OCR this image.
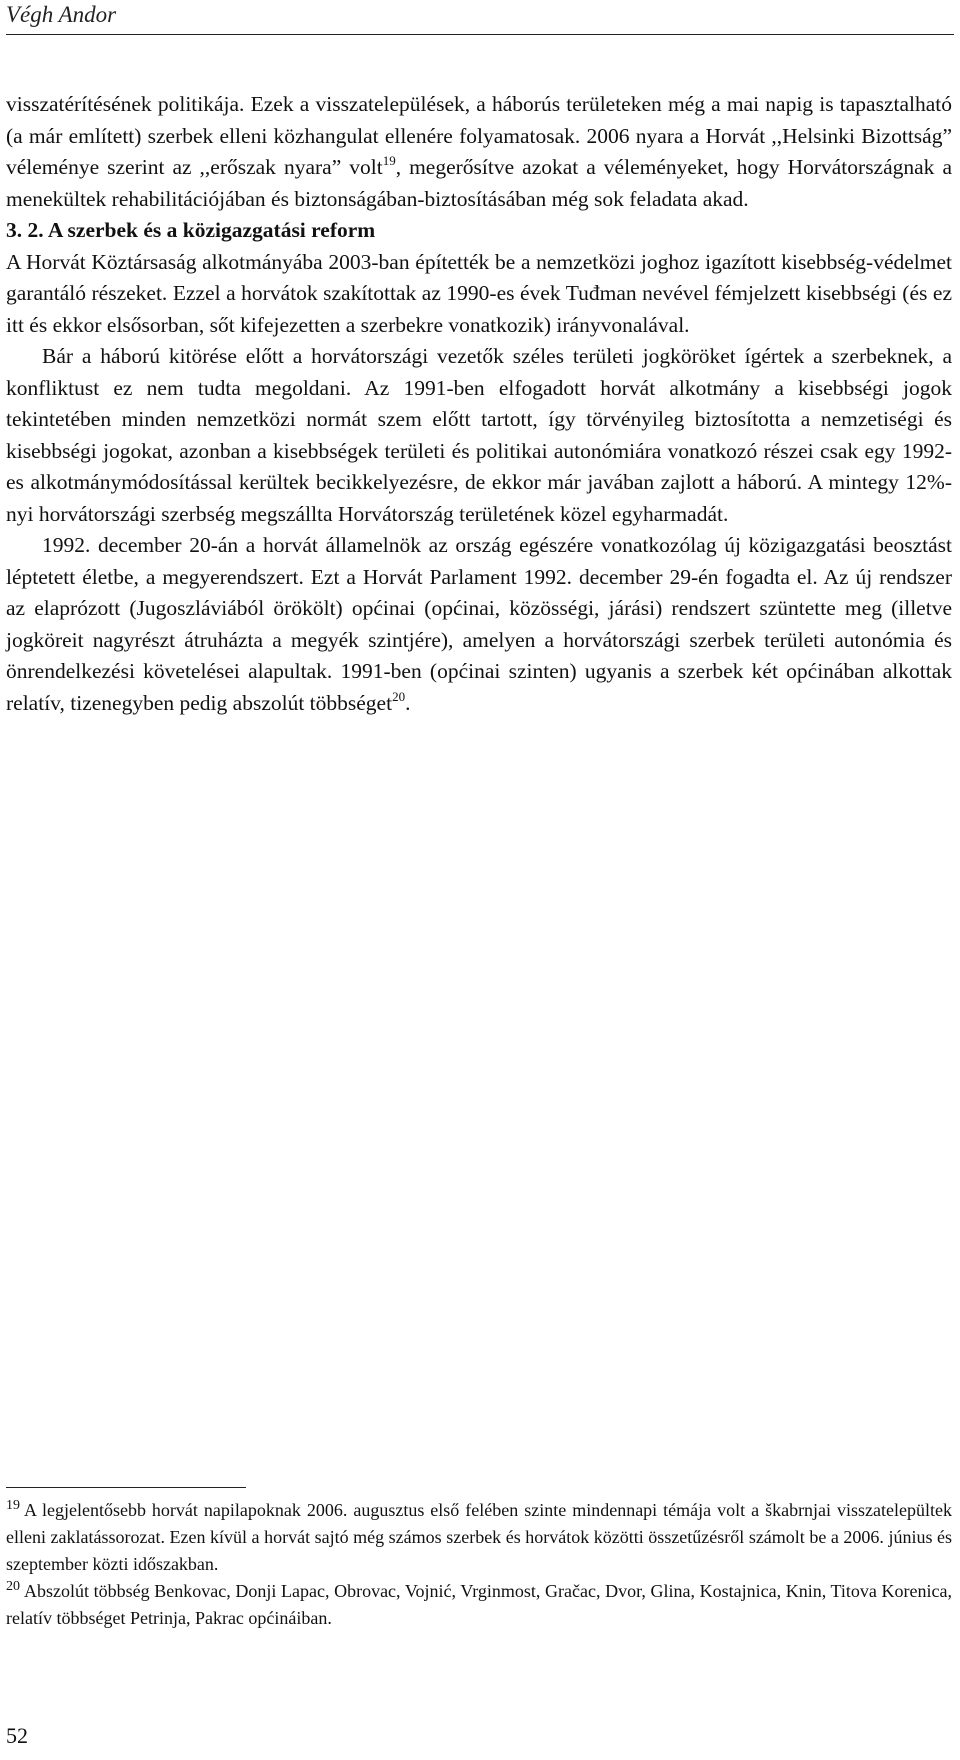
Végh Andor

visszatérítésének politikája. Ezek a visszatelepülések, a háborús területeken még a mai napig is tapasztalható (a már említett) szerbek elleni közhangulat ellenére folyamatosak. 2006 nyara a Horvát ,,Helsinki Bizottság” véleménye szerint az ,,erőszak nyara” volt$^{19}$, megerősítve azokat a véleményeket, hogy Horvátországnak a menekültek rehabilitációjában és biztonságában-biztosításában még sok feladata akad.

3. 2. A szerbek és a közigazgatási reform

A Horvát Köztársaság alkotmányába 2003-ban építették be a nemzetközi joghoz igazított kisebbség-védelmet garantáló részeket. Ezzel a horvátok szakítottak az 1990-es évek Tuđman nevével fémjelzett kisebbségi (és ez itt és ekkor elsősorban, sőt kifejezetten a szerbekre vonatkozik) irányvonalával.

Bár a háború kitörése előtt a horvátországi vezetők széles területi jogköröket ígértek a szerbeknek, a konfliktust ez nem tudta megoldani. Az 1991-ben elfogadott horvát alkotmány a kisebbségi jogok tekintetében minden nemzetközi normát szem előtt tartott, így törvényileg biztosította a nemzetiségi és kisebbségi jogokat, azonban a kisebbségek területi és politikai autonómiára vonatkozó részei csak egy 1992-es alkotmánymódosítással kerültek becikkelyezésre, de ekkor már javában zajlott a háború. A mintegy 12%-nyi horvátországi szerbség megszállta Horvátország területének közel egyharmadát.

1992. december 20-án a horvát államelnök az ország egészére vonatkozólag új közigazgatási beosztást léptetett életbe, a megyerendszert. Ezt a Horvát Parlament 1992. december 29-én fogadta el. Az új rendszer az elaprózott (Jugoszláviából örökölt) općinai (općinai, közösségi, járási) rendszert szüntette meg (illetve jogköreit nagyrészt átruházta a megyék szintjére), amelyen a horvátországi szerbek területi autonómia és önrendelkezési követelései alapultak. 1991-ben (općinai szinten) ugyanis a szerbek két općinában alkottak relatív, tizenegyben pedig abszolút többséget$^{20}$.

$^{19}$ A legjelentősebb horvát napilapoknak 2006. augusztus első felében szinte mindennapi témája volt a škabrnjai visszatelepültek elleni zaklatássorozat. Ezen kívül a horvát sajtó még számos szerbek és horvátok közötti összetűzésről számolt be a 2006. június és szeptember közti időszakban.

$^{20}$ Abszolút többség Benkovac, Donji Lapac, Obrovac, Vojnić, Vrginmost, Gračac, Dvor, Glina, Kostajnica, Knin, Titova Korenica, relatív többséget Petrinja, Pakrac općináiban.

52
